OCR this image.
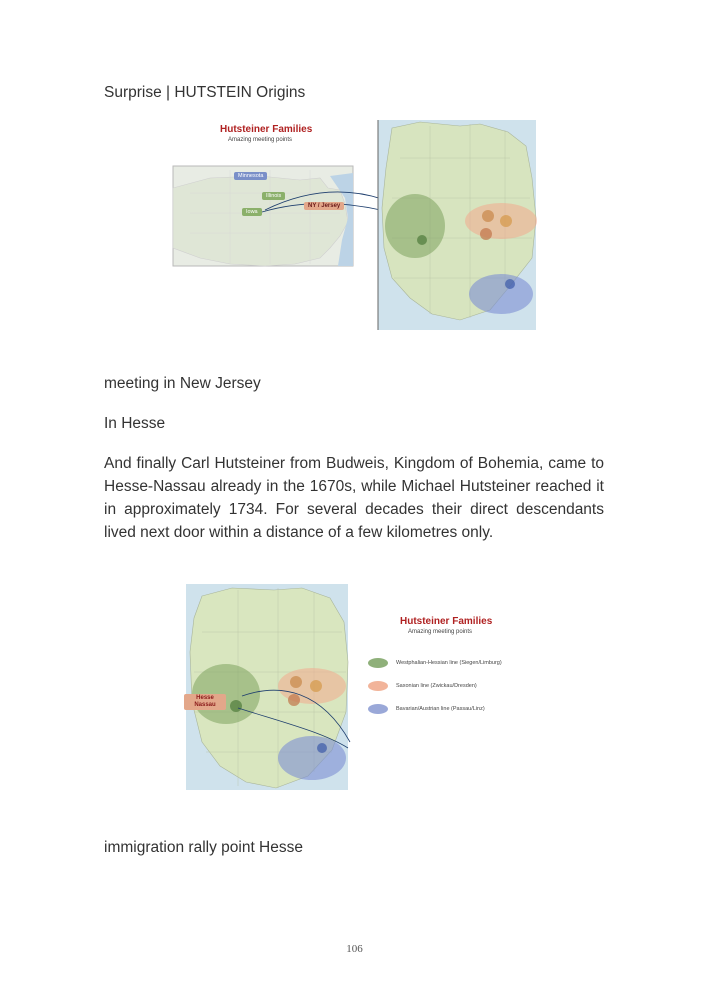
Surprise | HUTSTEIN Origins
Hutsteiner Families
Amazing meeting points
Minnesota
Illinois
Iowa
NY / Jersey
meeting in New Jersey
In Hesse
And finally Carl Hutsteiner from Budweis, Kingdom of Bohemia, came to Hesse-Nassau already in the 1670s, while Michael Hutsteiner reached it in approximately 1734. For several decades their direct descendants lived next door within a distance of a few kilometres only.
Hesse Nassau
Hutsteiner Families
Amazing meeting points
Westphalian-Hessian line (Siegen/Limburg)
Saxonian line (Zwickau/Dresden)
Bavarian/Austrian line (Passau/Linz)
immigration rally point Hesse
106
